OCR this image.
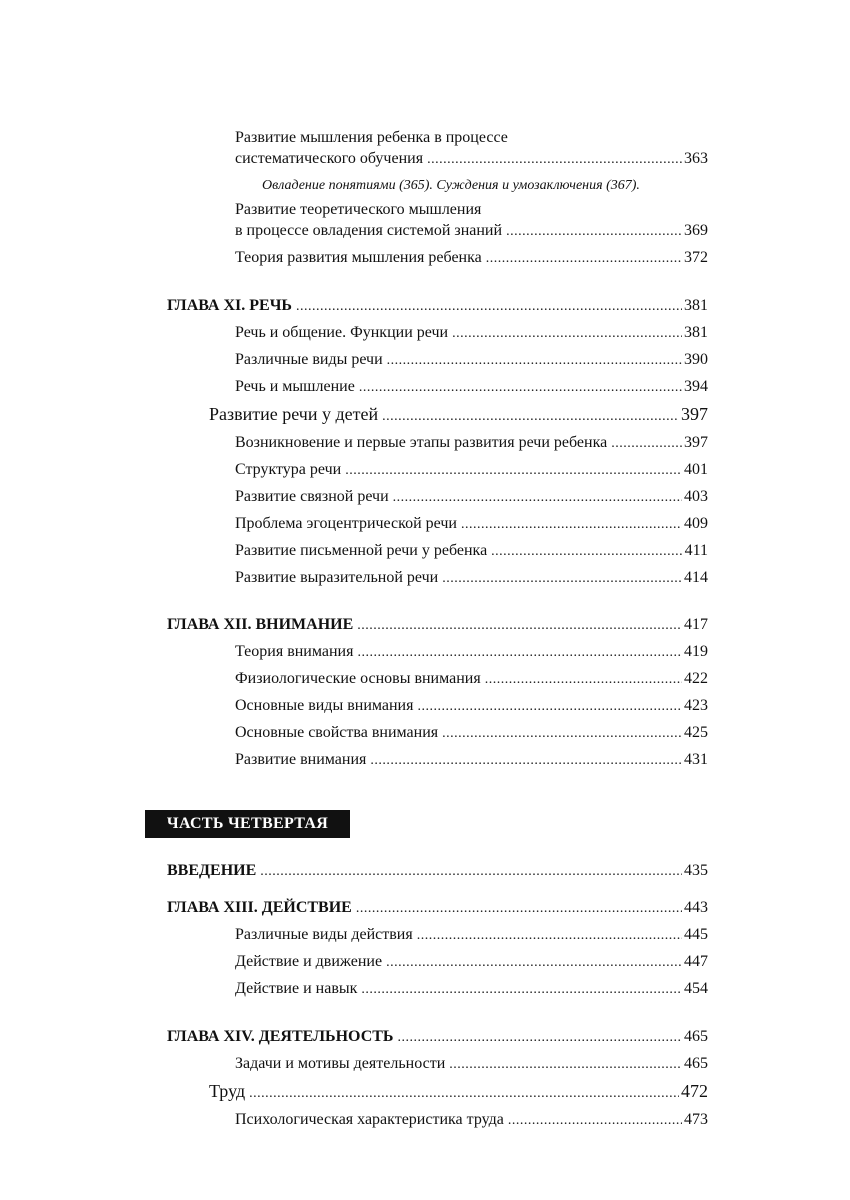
Развитие мышления ребенка в процессе
систематического обучения . . .	363
Овладение понятиями (365). Суждения и умозаключения (367).
Развитие теоретического мышления
в процессе овладения системой знаний . . .	369
Теория развития мышления ребенка . . .	372
ГЛАВА XI. РЕЧЬ . . .	381
Речь и общение. Функции речи . . .	381
Различные виды речи . . .	390
Речь и мышление . . .	394
Развитие речи у детей . . .	397
Возникновение и первые этапы развития речи ребенка . . .	397
Структура речи . . .	401
Развитие связной речи . . .	403
Проблема эгоцентрической речи . . .	409
Развитие письменной речи у ребенка . . .	411
Развитие выразительной речи . . .	414
ГЛАВА XII. ВНИМАНИЕ . . .	417
Теория внимания . . .	419
Физиологические основы внимания . . .	422
Основные виды внимания . . .	423
Основные свойства внимания . . .	425
Развитие внимания . . .	431
ЧАСТЬ ЧЕТВЕРТАЯ
ВВЕДЕНИЕ . . .	435
ГЛАВА XIII. ДЕЙСТВИЕ . . .	443
Различные виды действия . . .	445
Действие и движение . . .	447
Действие и навык . . .	454
ГЛАВА XIV. ДЕЯТЕЛЬНОСТЬ . . .	465
Задачи и мотивы деятельности . . .	465
Труд . . .	472
Психологическая характеристика труда . . .	473
